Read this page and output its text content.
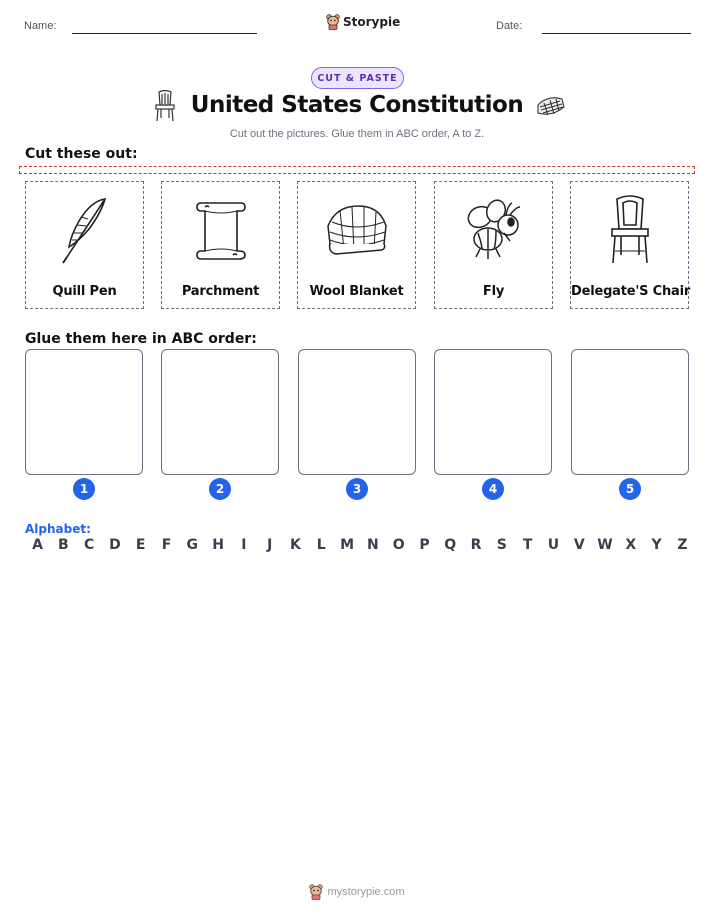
Name:	Storypie	Date:
CUT & PASTE
United States Constitution
Cut out the pictures. Glue them in ABC order, A to Z.
Cut these out:
Quill Pen	Parchment	Wool Blanket	Fly	Delegate'S Chair
Glue them here in ABC order:
1	2	3	4	5
Alphabet:
A	B	C	D	E	F	G	H	I	J	K	L	M N O	P	Q	R	S	T	U	V W X	Y	Z
mystorypie.com
